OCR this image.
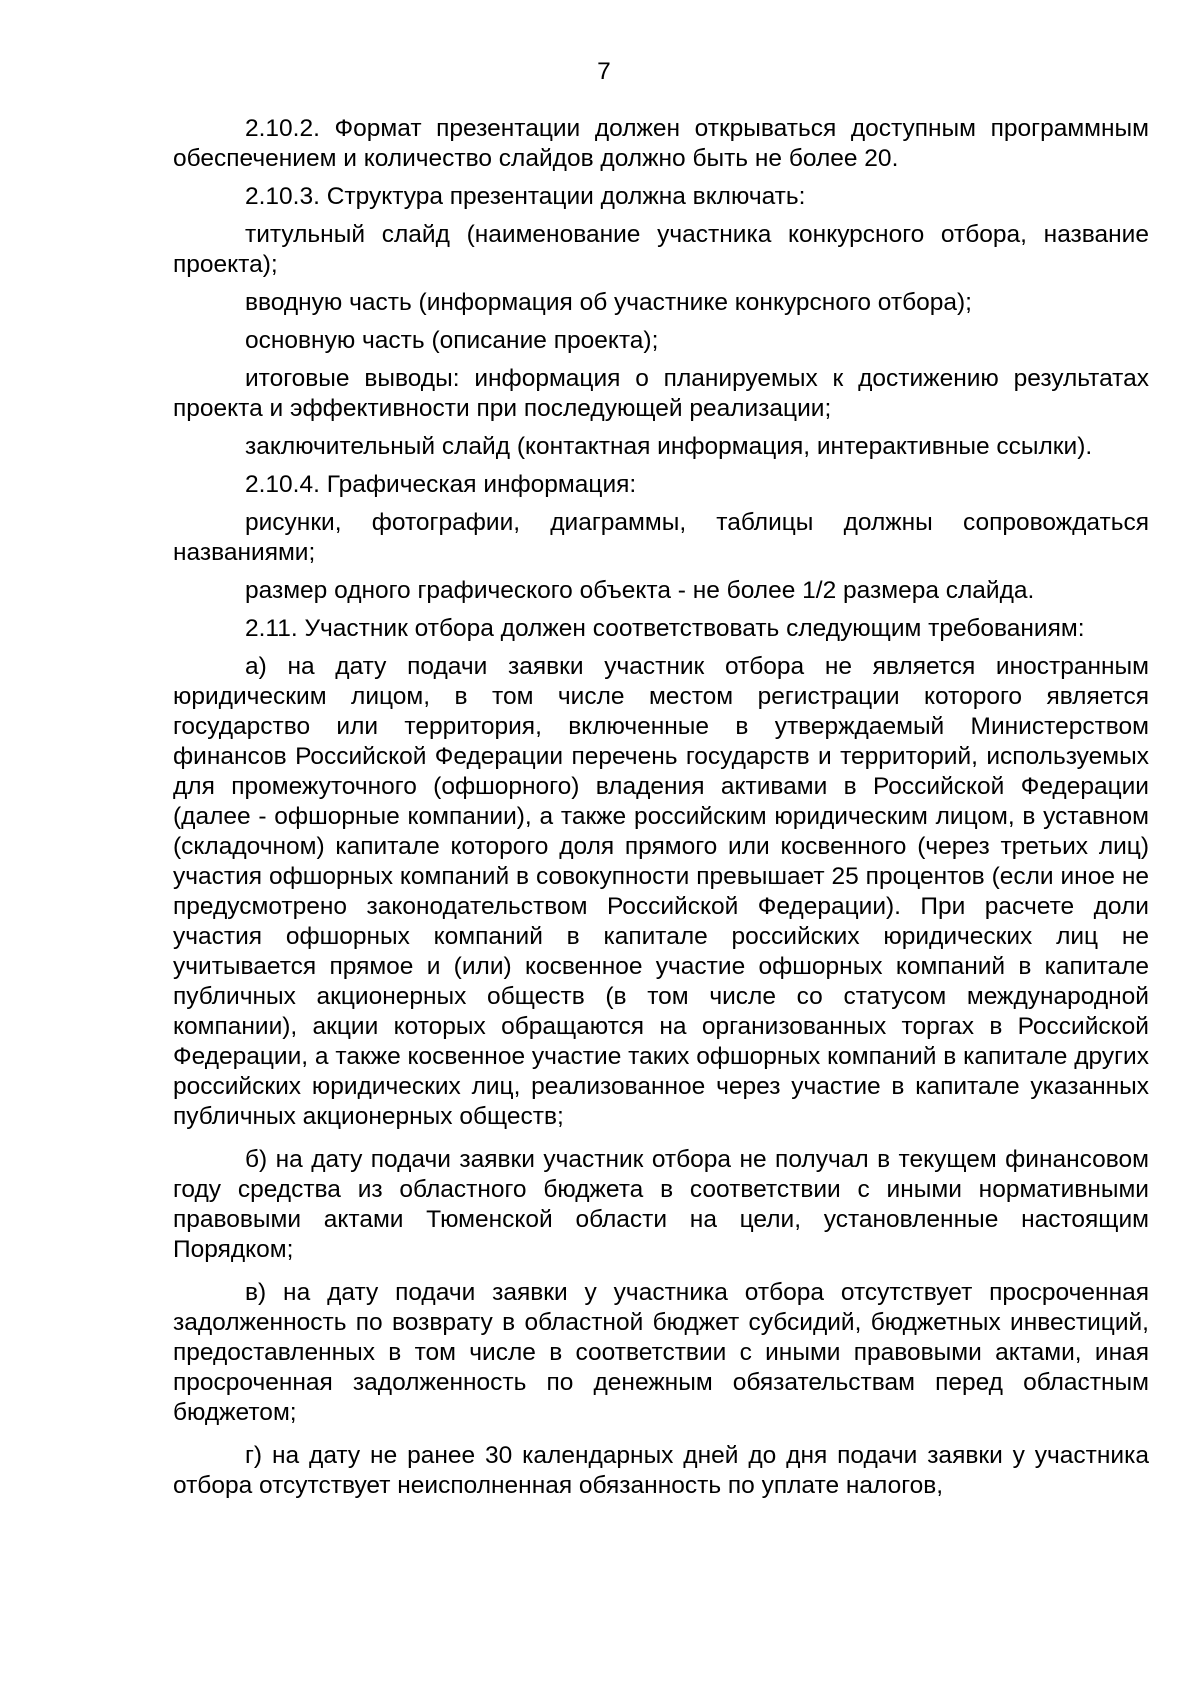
7

2.10.2. Формат презентации должен открываться доступным программным обеспечением и количество слайдов должно быть не более 20.

2.10.3. Структура презентации должна включать:

титульный слайд (наименование участника конкурсного отбора, название проекта);

вводную часть (информация об участнике конкурсного отбора);

основную часть (описание проекта);

итоговые выводы: информация о планируемых к достижению результатах проекта и эффективности при последующей реализации;

заключительный слайд (контактная информация, интерактивные ссылки).

2.10.4. Графическая информация:

рисунки, фотографии, диаграммы, таблицы должны сопровождаться названиями;

размер одного графического объекта - не более 1/2 размера слайда.

2.11. Участник отбора должен соответствовать следующим требованиям:

а) на дату подачи заявки участник отбора не является иностранным юридическим лицом, в том числе местом регистрации которого является государство или территория, включенные в утверждаемый Министерством финансов Российской Федерации перечень государств и территорий, используемых для промежуточного (офшорного) владения активами в Российской Федерации (далее - офшорные компании), а также российским юридическим лицом, в уставном (складочном) капитале которого доля прямого или косвенного (через третьих лиц) участия офшорных компаний в совокупности превышает 25 процентов (если иное не предусмотрено законодательством Российской Федерации). При расчете доли участия офшорных компаний в капитале российских юридических лиц не учитывается прямое и (или) косвенное участие офшорных компаний в капитале публичных акционерных обществ (в том числе со статусом международной компании), акции которых обращаются на организованных торгах в Российской Федерации, а также косвенное участие таких офшорных компаний в капитале других российских юридических лиц, реализованное через участие в капитале указанных публичных акционерных обществ;

б) на дату подачи заявки участник отбора не получал в текущем финансовом году средства из областного бюджета в соответствии с иными нормативными правовыми актами Тюменской области на цели, установленные настоящим Порядком;

в) на дату подачи заявки у участника отбора отсутствует просроченная задолженность по возврату в областной бюджет субсидий, бюджетных инвестиций, предоставленных в том числе в соответствии с иными правовыми актами, иная просроченная задолженность по денежным обязательствам перед областным бюджетом;

г) на дату не ранее 30 календарных дней до дня подачи заявки у участника отбора отсутствует неисполненная обязанность по уплате налогов,
